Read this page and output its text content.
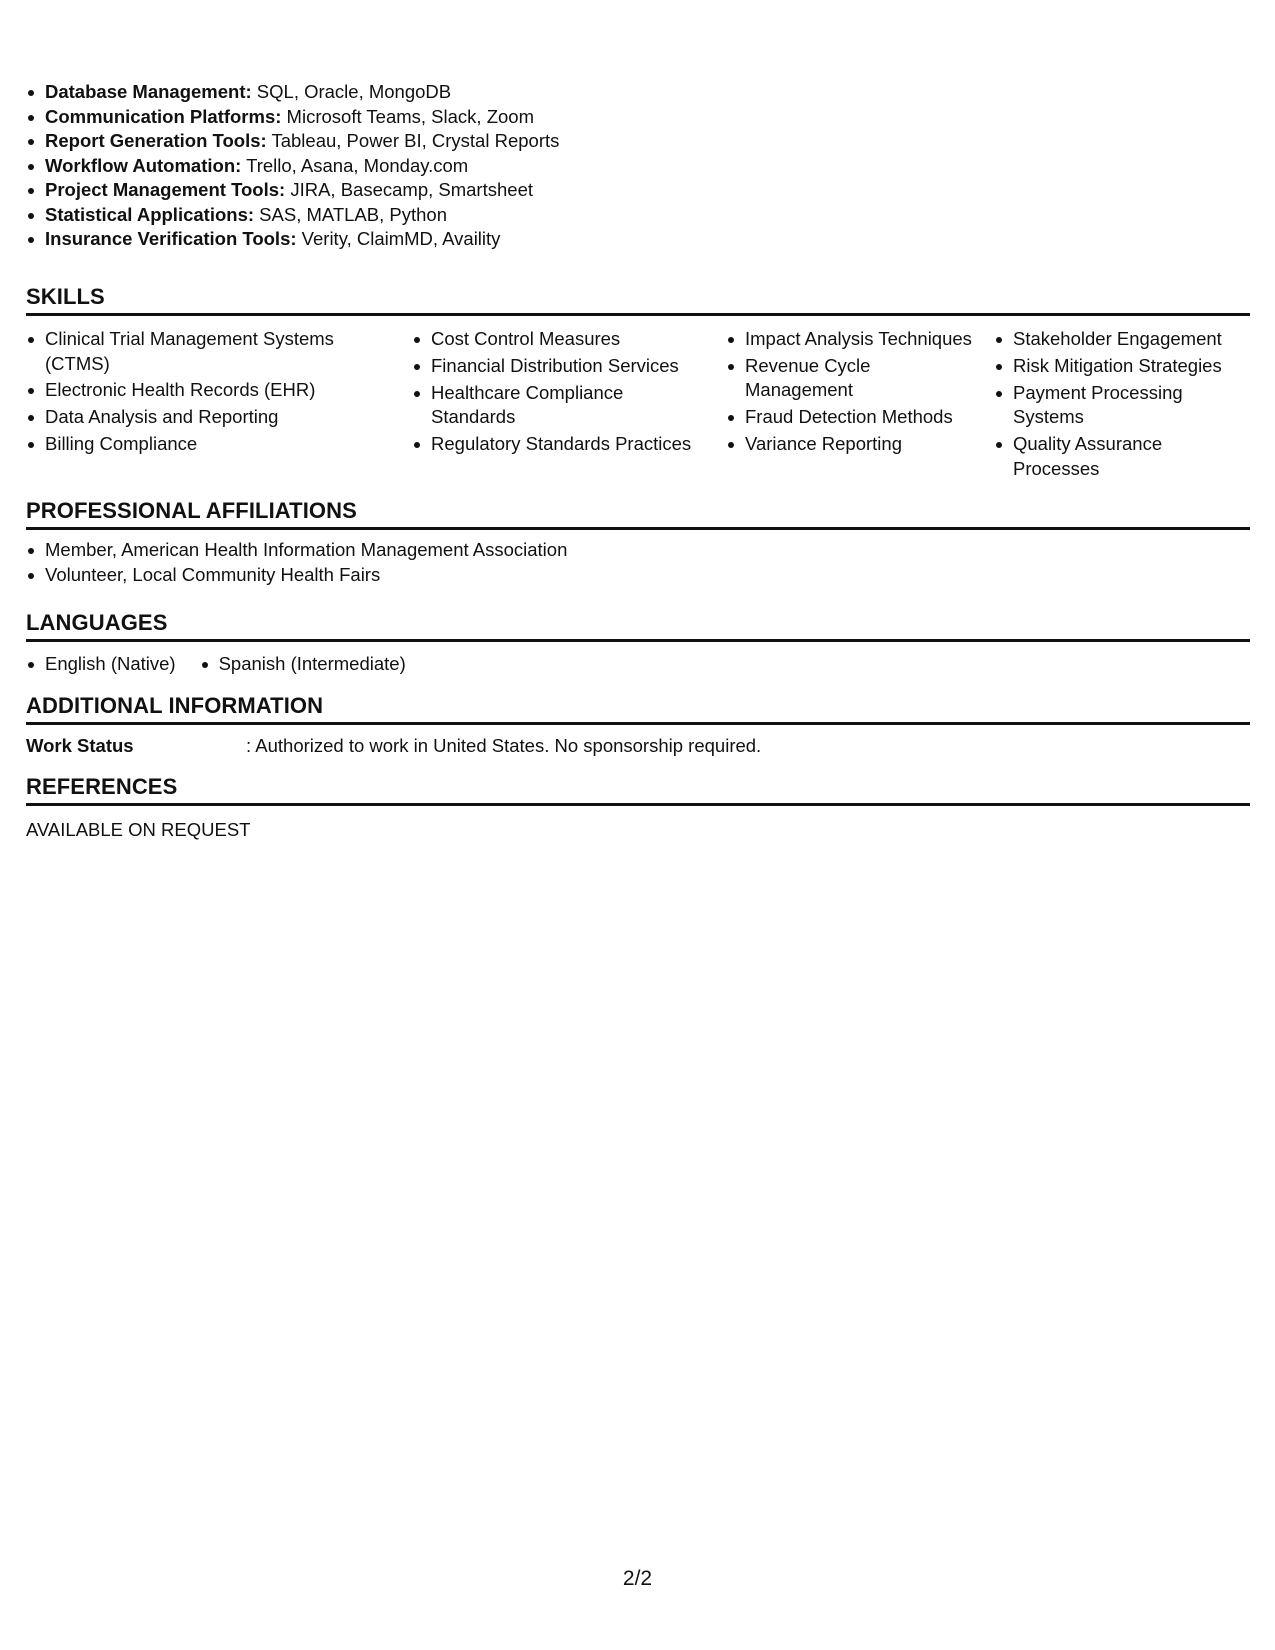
Database Management: SQL, Oracle, MongoDB
Communication Platforms: Microsoft Teams, Slack, Zoom
Report Generation Tools: Tableau, Power BI, Crystal Reports
Workflow Automation: Trello, Asana, Monday.com
Project Management Tools: JIRA, Basecamp, Smartsheet
Statistical Applications: SAS, MATLAB, Python
Insurance Verification Tools: Verity, ClaimMD, Availity
SKILLS
Clinical Trial Management Systems (CTMS)
Electronic Health Records (EHR)
Data Analysis and Reporting
Billing Compliance
Cost Control Measures
Financial Distribution Services
Healthcare Compliance Standards
Regulatory Standards Practices
Impact Analysis Techniques
Revenue Cycle Management
Fraud Detection Methods
Variance Reporting
Stakeholder Engagement
Risk Mitigation Strategies
Payment Processing Systems
Quality Assurance Processes
PROFESSIONAL AFFILIATIONS
Member, American Health Information Management Association
Volunteer, Local Community Health Fairs
LANGUAGES
English (Native)	Spanish (Intermediate)
ADDITIONAL INFORMATION
Work Status	: Authorized to work in United States. No sponsorship required.
REFERENCES
AVAILABLE ON REQUEST
2/2
